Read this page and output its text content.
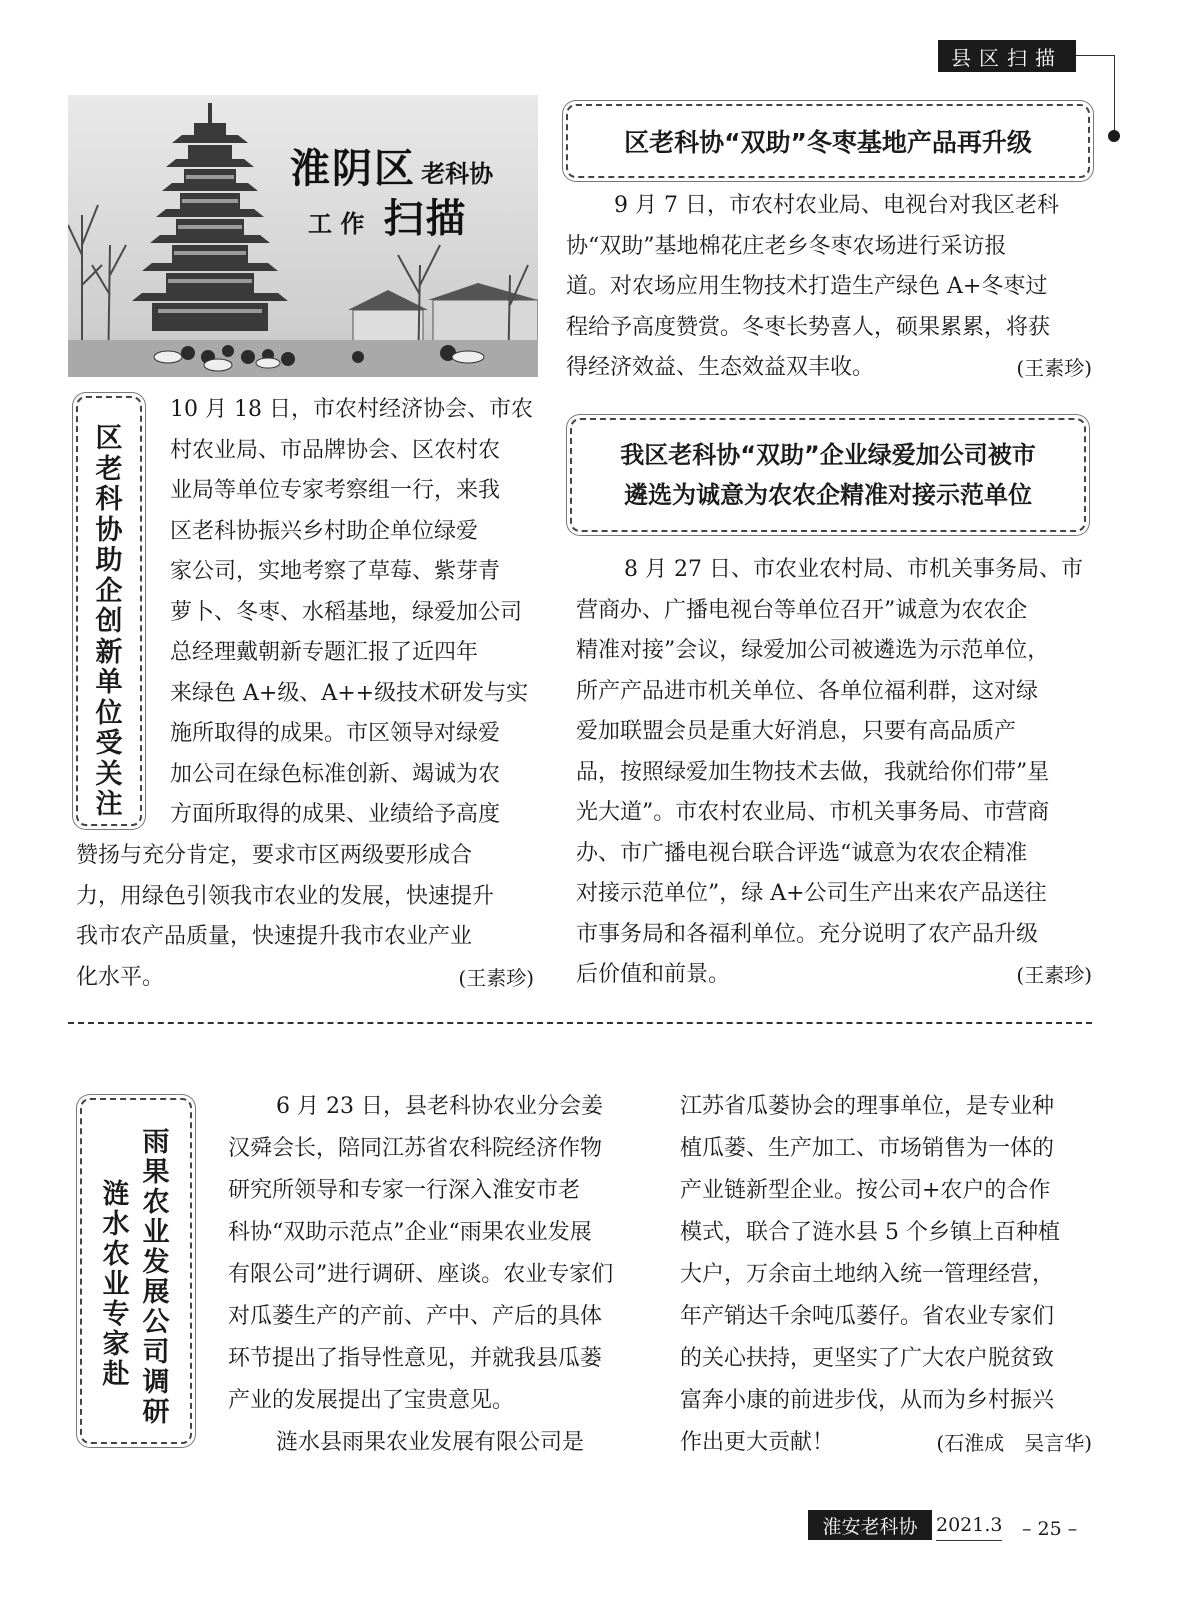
县区扫描
淮阴区 老科协
工 作 扫描
区老科协助企创新单位受关注
10 月 18 日，市农村经济协会、市农
村农业局、市品牌协会、区农村农
业局等单位专家考察组一行，来我
区老科协振兴乡村助企单位绿爱
家公司，实地考察了草莓、紫芽青
萝卜、冬枣、水稻基地，绿爱加公司
总经理戴朝新专题汇报了近四年
来绿色 A+级、A++级技术研发与实
施所取得的成果。市区领导对绿爱
加公司在绿色标准创新、竭诚为农
方面所取得的成果、业绩给予高度
赞扬与充分肯定，要求市区两级要形成合
力，用绿色引领我市农业的发展，快速提升
我市农产品质量，快速提升我市农业产业
化水平。	(王素珍)
区老科协“双助”冬枣基地产品再升级
9 月 7 日，市农村农业局、电视台对我区老科
协“双助”基地棉花庄老乡冬枣农场进行采访报
道。对农场应用生物技术打造生产绿色 A+冬枣过
程给予高度赞赏。冬枣长势喜人，硕果累累，将获
得经济效益、生态效益双丰收。	(王素珍)
我区老科协“双助”企业绿爱加公司被市
遴选为诚意为农农企精准对接示范单位
8 月 27 日、市农业农村局、市机关事务局、市
营商办、广播电视台等单位召开”诚意为农农企
精准对接”会议，绿爱加公司被遴选为示范单位，
所产产品进市机关单位、各单位福利群，这对绿
爱加联盟会员是重大好消息，只要有高品质产
品，按照绿爱加生物技术去做，我就给你们带”星
光大道”。市农村农业局、市机关事务局、市营商
办、市广播电视台联合评选“诚意为农农企精准
对接示范单位”，绿 A+公司生产出来农产品送往
市事务局和各福利单位。充分说明了农产品升级
后价值和前景。	(王素珍)
雨果农业发展公司调研
涟水农业专家赴
6 月 23 日，县老科协农业分会姜
汉舜会长，陪同江苏省农科院经济作物
研究所领导和专家一行深入淮安市老
科协“双助示范点”企业“雨果农业发展
有限公司”进行调研、座谈。农业专家们
对瓜蒌生产的产前、产中、产后的具体
环节提出了指导性意见，并就我县瓜蒌
产业的发展提出了宝贵意见。
涟水县雨果农业发展有限公司是
江苏省瓜蒌协会的理事单位，是专业种
植瓜蒌、生产加工、市场销售为一体的
产业链新型企业。按公司+农户的合作
模式，联合了涟水县 5 个乡镇上百种植
大户，万余亩土地纳入统一管理经营，
年产销达千余吨瓜蒌仔。省农业专家们
的关心扶持，更坚实了广大农户脱贫致
富奔小康的前进步伐，从而为乡村振兴
作出更大贡献！	(石淮成　吴言华)
淮安老科协 2021.3 – 25 –
